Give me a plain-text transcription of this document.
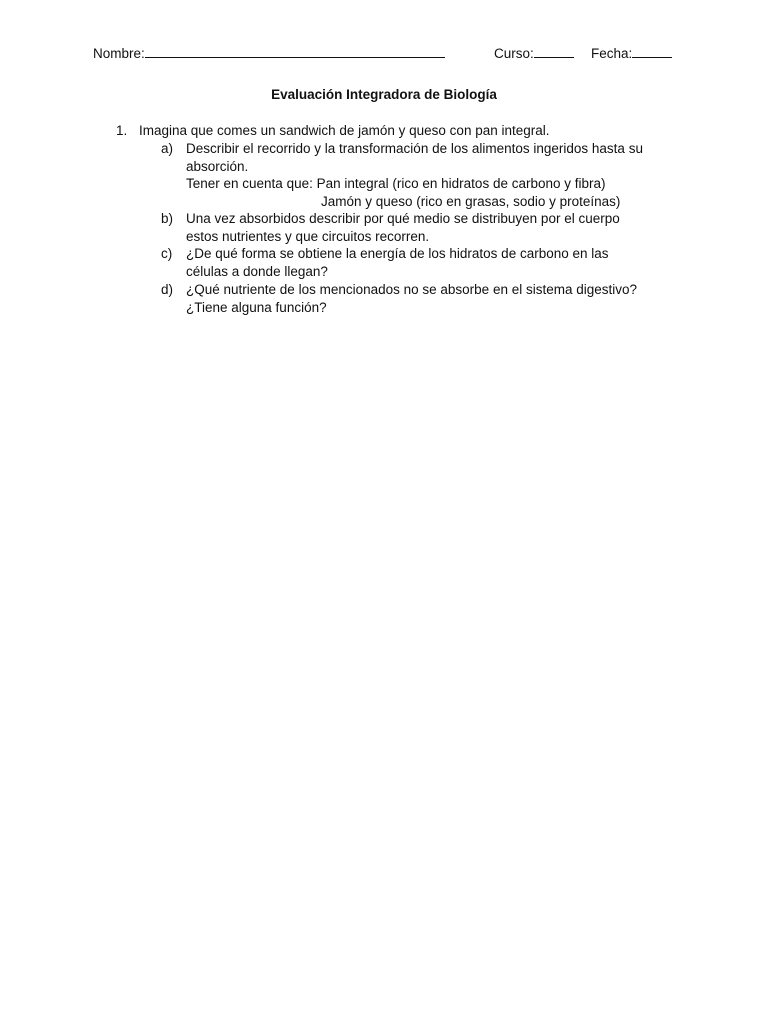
Nombre:	Curso:	Fecha:
Evaluación Integradora de Biología
1. Imagina que comes un sandwich de jamón y queso con pan integral.
a) Describir el recorrido y la transformación de los alimentos ingeridos hasta su
absorción.
Tener en cuenta que: Pan integral (rico en hidratos de carbono y fibra)
Jamón y queso (rico en grasas, sodio y proteínas)
b) Una vez absorbidos describir por qué medio se distribuyen por el cuerpo
estos nutrientes y que circuitos recorren.
c) ¿De qué forma se obtiene la energía de los hidratos de carbono en las
células a donde llegan?
d) ¿Qué nutriente de los mencionados no se absorbe en el sistema digestivo?
¿Tiene alguna función?
